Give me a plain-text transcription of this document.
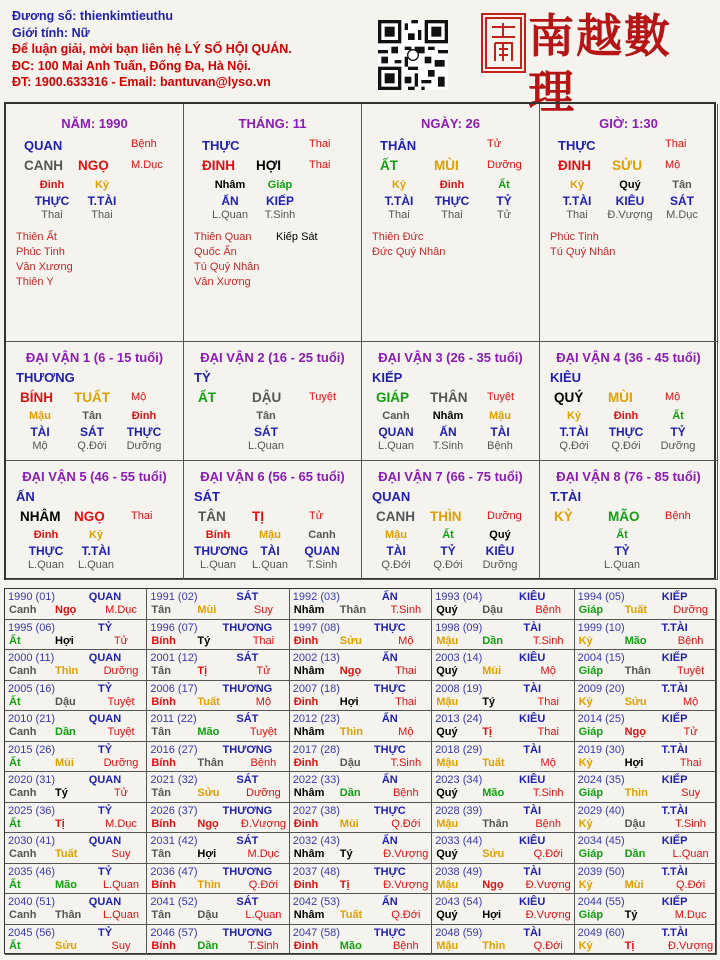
Đương số: thienkimtieuthu
Giới tính: Nữ
Để luận giải, mời bạn liên hệ LÝ SỐ HỘI QUÁN.
ĐC: 100 Mai Anh Tuấn, Đống Đa, Hà Nội.
ĐT: 1900.633316 - Email: bantuvan@lyso.vn
南越數理
NĂM: 1990
QUAN	Bệnh
CANH NGỌ M.Dục
Đinh	Kỷ
THỰC	T.TÀI
Thai	Thai
Thiên Ất
Phúc Tinh
Văn Xương
Thiên Y
THÁNG: 11
THỰC	Thai
ĐINH HỢI	Thai
Nhâm	Giáp
ẤN	KIẾP
L.Quan	T.Sinh
Thiên Quan
Quốc Ấn
Tú Quý Nhân
Văn Xương
Kiếp Sát
NGÀY: 26
THÂN	Tử
ẤT	MÙI	Dưỡng
Kỷ	Đinh	Ất
T.TÀI	THỰC	TỶ
Thai	Thai	Tử
Thiên Đức
Đức Quý Nhân
GIỜ: 1:30
THỰC	Thai
ĐINH SỬU Mộ
Kỷ	Quý	Tân
T.TÀI	KIÊU	SÁT
Thai	Đ.Vượng	M.Dục
Phúc Tinh
Tú Quý Nhân
ĐẠI VẬN 1 (6 - 15 tuổi)
THƯƠNG
BÍNH TUẤT Mộ
Mậu	Tân	Đinh
TÀI	SÁT	THỰC
Mộ	Q.Đới	Dưỡng
ĐẠI VẬN 2 (16 - 25 tuổi)
TỶ
ẤT	DẬU	Tuyệt
Tân
SÁT
L.Quan
ĐẠI VẬN 3 (26 - 35 tuổi)
KIẾP
GIÁP THÂN Tuyệt
Canh	Nhâm	Mậu
QUAN	ẤN	TÀI
L.Quan	T.Sinh	Bệnh
ĐẠI VẬN 4 (36 - 45 tuổi)
KIÊU
QUÝ MÙI	Mộ
Kỷ	Đinh	Ất
T.TÀI	THỰC	TỶ
Q.Đới	Q.Đới	Dưỡng
ĐẠI VẬN 5 (46 - 55 tuổi)
ẤN
NHÂM NGỌ Thai
Đinh	Kỷ
THỰC	T.TÀI
L.Quan	L.Quan
ĐẠI VẬN 6 (56 - 65 tuổi)
SÁT
TÂN TỊ	Tử
Bính	Mậu	Canh
THƯƠNG	TÀI	QUAN
L.Quan	L.Quan	T.Sinh
ĐẠI VẬN 7 (66 - 75 tuổi)
QUAN
CANH THÌN Dưỡng
Mậu	Ất	Quý
TÀI	TỶ	KIÊU
Q.Đới	Q.Đới	Dưỡng
ĐẠI VẬN 8 (76 - 85 tuổi)
T.TÀI
KỶ	MÃO Bệnh
Ất
TỶ
L.Quan
1990 (01)	QUAN
Canh Ngọ	M.Dục
1991 (02)	SÁT
Tân Mùi	Suy
1992 (03)	ẤN
Nhâm Thân	T.Sinh
1993 (04)	KIÊU
Quý Dậu	Bệnh
1994 (05)	KIẾP
Giáp Tuất	Dưỡng
1995 (06)	TỶ
Ất	Hợi	Tử
1996 (07) THƯƠNG
Bính Tý	Thai
1997 (08)	THỰC
Đinh Sửu	Mộ
1998 (09)	TÀI
Mậu Dần	T.Sinh
1999 (10)	T.TÀI
Kỷ	Mão	Bệnh
2000 (11)	QUAN
Canh Thìn	Dưỡng
2001 (12)	SÁT
Tân Tị	Tử
2002 (13)	ẤN
Nhâm Ngọ	Thai
2003 (14)	KIÊU
Quý Mùi	Mộ
2004 (15)	KIẾP
Giáp Thân	Tuyệt
2005 (16)	TỶ
Ất	Dậu	Tuyệt
2006 (17) THƯƠNG
Bính Tuất	Mộ
2007 (18)	THỰC
Đinh Hợi	Thai
2008 (19)	TÀI
Mậu Tý	Thai
2009 (20)	T.TÀI
Kỷ	Sửu	Mộ
2010 (21)	QUAN
Canh Dần	Tuyệt
2011 (22)	SÁT
Tân Mão	Tuyệt
2012 (23)	ẤN
Nhâm Thìn	Mộ
2013 (24)	KIÊU
Quý Tị	Thai
2014 (25)	KIẾP
Giáp Ngọ	Tử
2015 (26)	TỶ
Ất	Mùi	Dưỡng
2016 (27) THƯƠNG
Bính Thân	Bệnh
2017 (28)	THỰC
Đinh Dậu	T.Sinh
2018 (29)	TÀI
Mậu Tuất	Mộ
2019 (30)	T.TÀI
Kỷ	Hợi	Thai
2020 (31)	QUAN
Canh Tý	Tử
2021 (32)	SÁT
Tân Sửu	Dưỡng
2022 (33)	ẤN
Nhâm Dần	Bệnh
2023 (34)	KIÊU
Quý Mão	T.Sinh
2024 (35)	KIẾP
Giáp Thìn	Suy
2025 (36)	TỶ
Ất	Tị	M.Dục
2026 (37) THƯƠNG
Bính Ngọ Đ.Vượng
2027 (38)	THỰC
Đinh Mùi	Q.Đới
2028 (39)	TÀI
Mậu Thân	Bệnh
2029 (40)	T.TÀI
Kỷ	Dậu	T.Sinh
2030 (41)	QUAN
Canh Tuất	Suy
2031 (42)	SÁT
Tân Hợi	M.Dục
2032 (43)	ẤN
Nhâm Tý	Đ.Vượng
2033 (44)	KIÊU
Quý Sửu	Q.Đới
2034 (45)	KIẾP
Giáp Dần	L.Quan
2035 (46)	TỶ
Ất	Mão	L.Quan
2036 (47) THƯƠNG
Bính Thìn	Q.Đới
2037 (48)	THỰC
Đinh Tị	Đ.Vượng
2038 (49)	TÀI
Mậu Ngọ Đ.Vượng
2039 (50)	T.TÀI
Kỷ	Mùi	Q.Đới
2040 (51)	QUAN
Canh Thân	L.Quan
2041 (52)	SÁT
Tân Dậu	L.Quan
2042 (53)	ẤN
Nhâm Tuất	Q.Đới
2043 (54)	KIÊU
Quý Hợi Đ.Vượng
2044 (55)	KIẾP
Giáp Tý	M.Dục
2045 (56)	TỶ
Ất	Sửu	Suy
2046 (57) THƯƠNG
Bính Dần	T.Sinh
2047 (58)	THỰC
Đinh Mão	Bệnh
2048 (59)	TÀI
Mậu Thìn	Q.Đới
2049 (60)	T.TÀI
Kỷ	Tị	Đ.Vượng
